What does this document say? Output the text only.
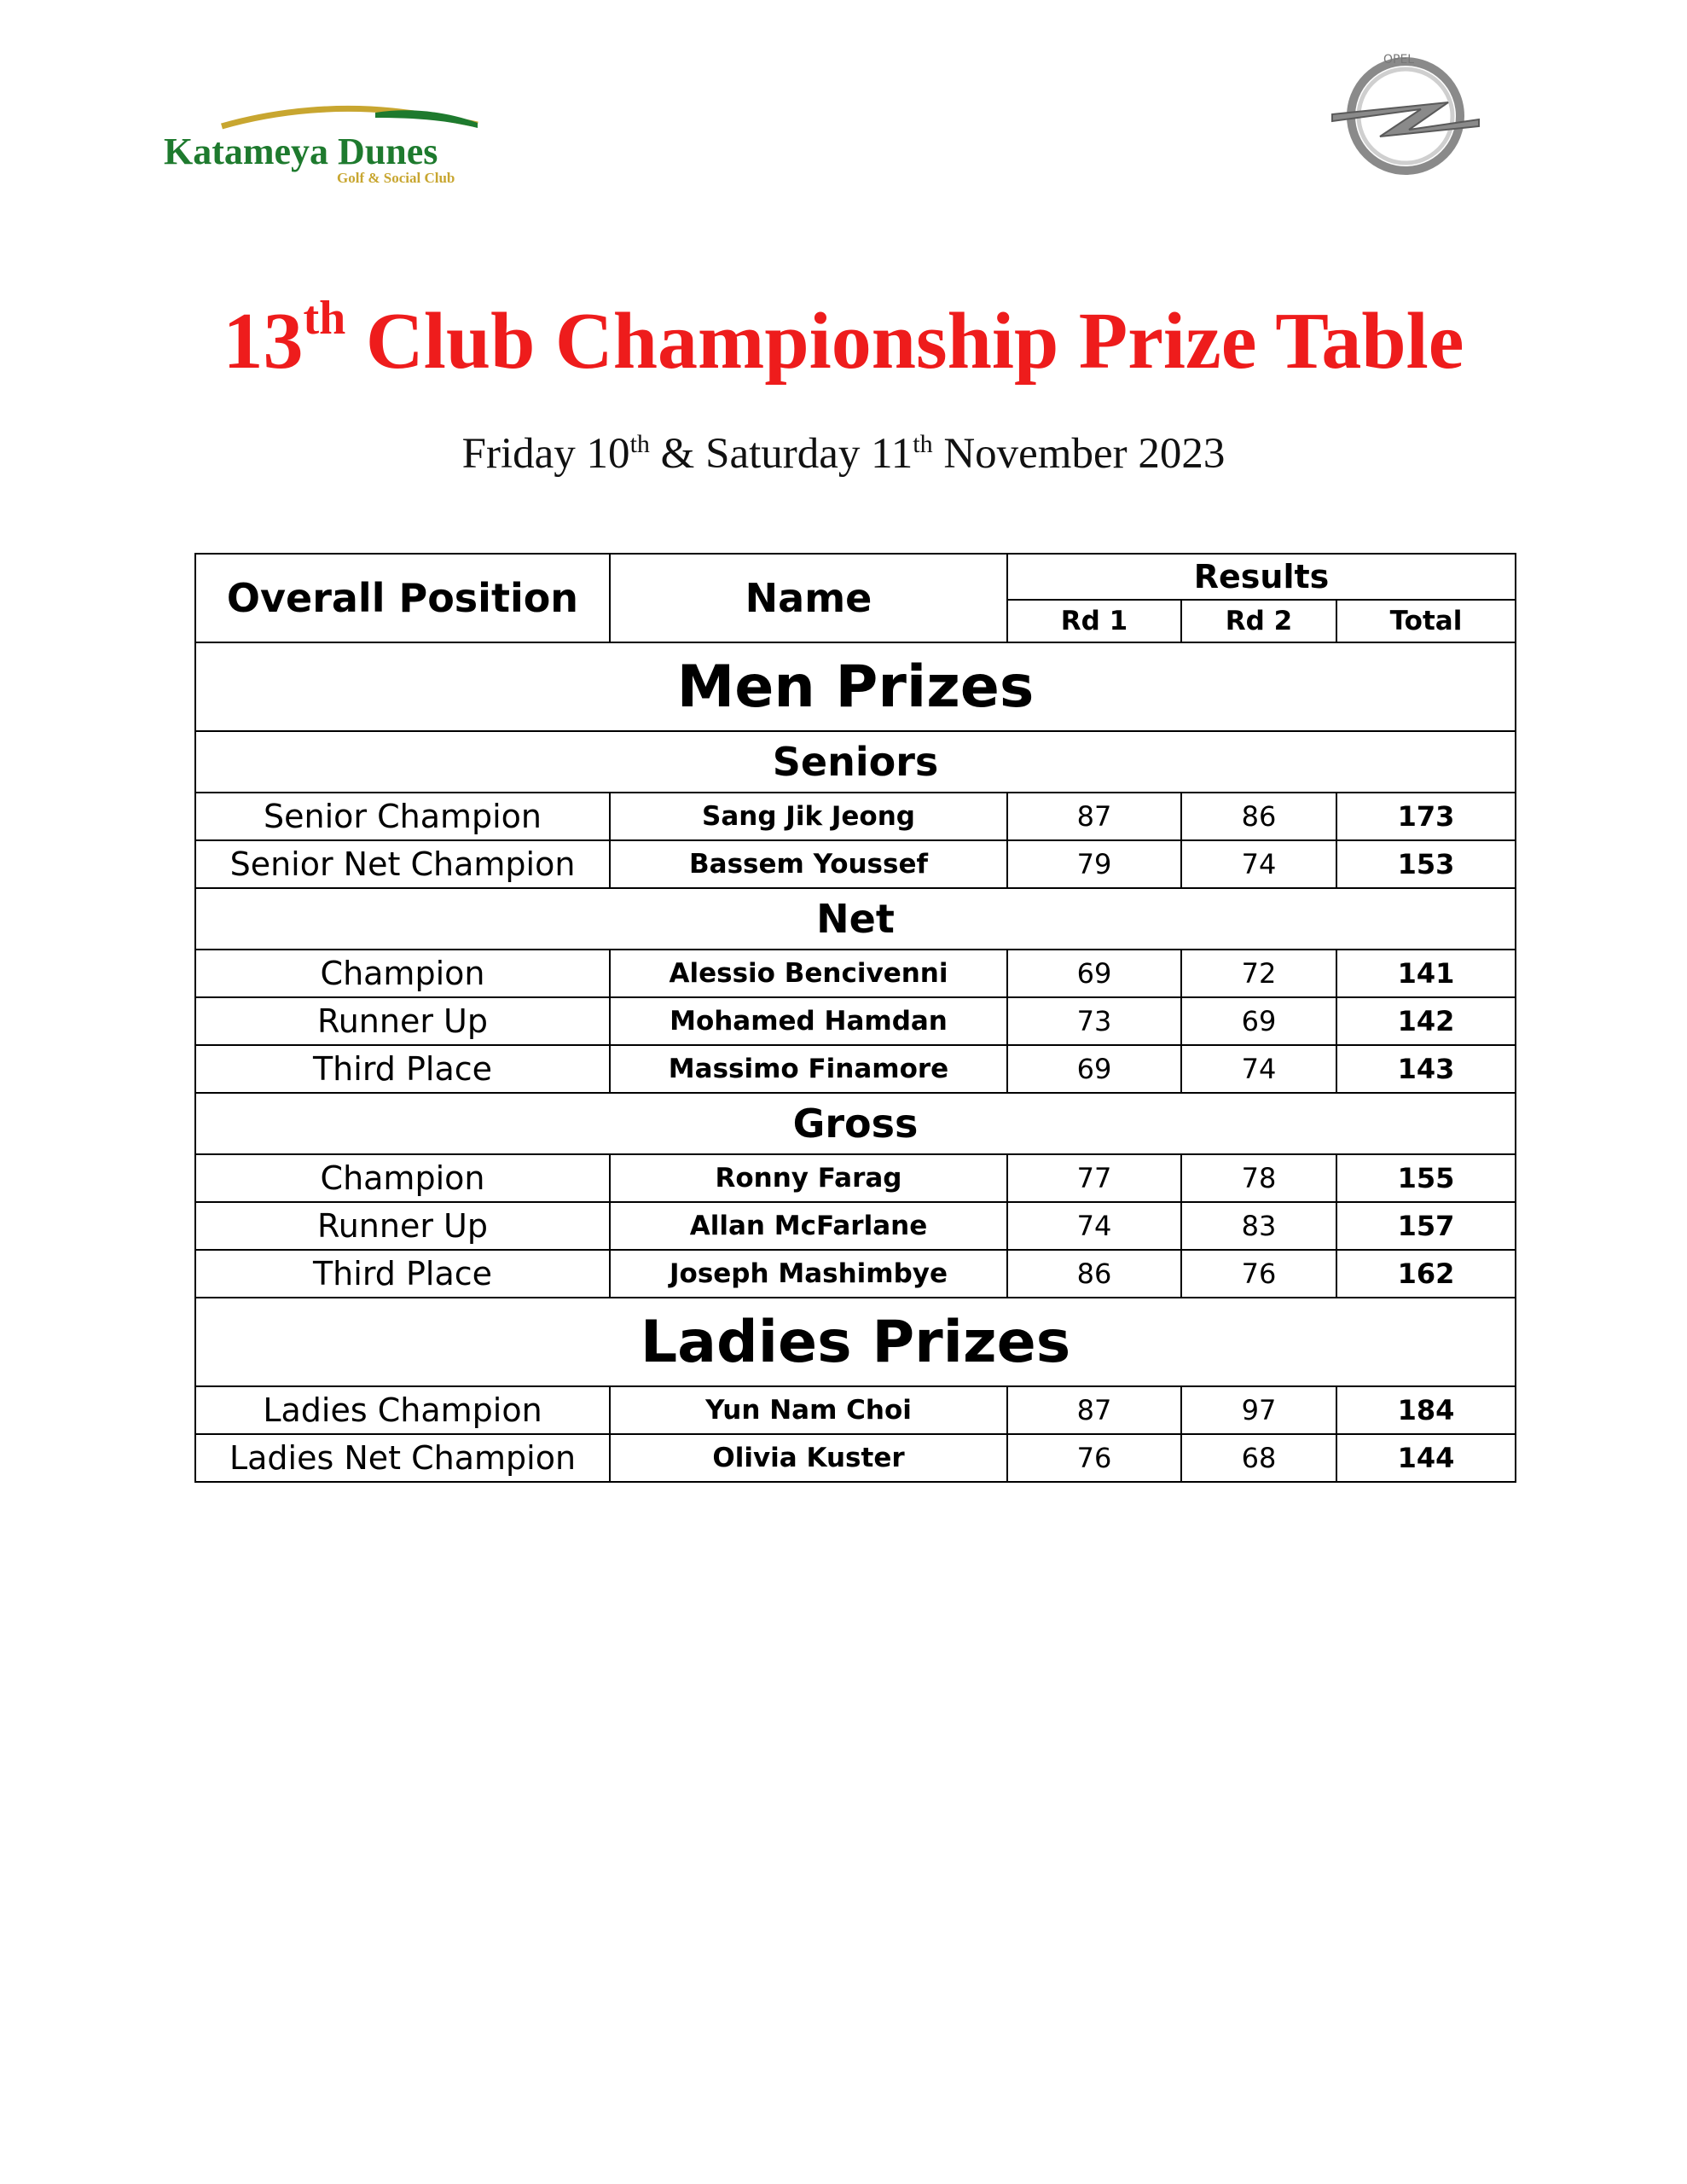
Katameya Dunes
Golf & Social Club
OPEL
13th Club Championship Prize Table
Friday 10th & Saturday 11th November 2023
Overall Position	Name	Results		
		Rd 1	Rd 2	Total
Men Prizes				
Seniors				
Senior Champion	Sang Jik Jeong	87	86	173
Senior Net Champion	Bassem Youssef	79	74	153
Net				
Champion	Alessio Bencivenni	69	72	141
Runner Up	Mohamed Hamdan	73	69	142
Third Place	Massimo Finamore	69	74	143
Gross				
Champion	Ronny Farag	77	78	155
Runner Up	Allan McFarlane	74	83	157
Third Place	Joseph Mashimbye	86	76	162
Ladies Prizes				
Ladies Champion	Yun Nam Choi	87	97	184
Ladies Net Champion	Olivia Kuster	76	68	144
